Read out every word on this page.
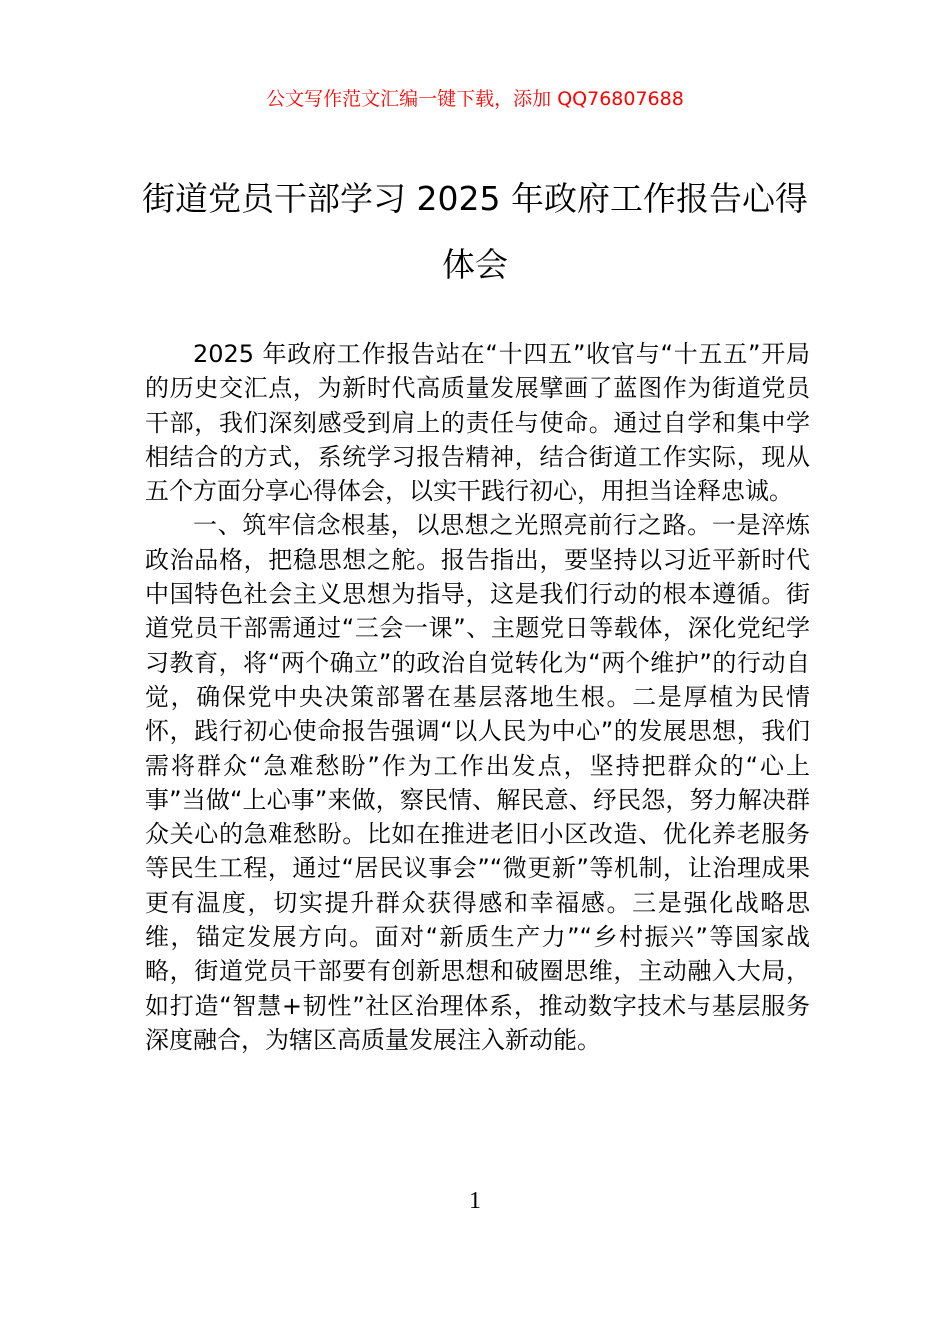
公文写作范文汇编一键下载，添加 QQ76807688
街道党员干部学习 2025 年政府工作报告心得体会

2025 年政府工作报告站在“十四五”收官与“十五五”开局的历史交汇点，为新时代高质量发展擘画了蓝图作为街道党员干部，我们深刻感受到肩上的责任与使命。通过自学和集中学相结合的方式，系统学习报告精神，结合街道工作实际，现从五个方面分享心得体会，以实干践行初心，用担当诠释忠诚。

一、筑牢信念根基，以思想之光照亮前行之路。一是淬炼政治品格，把稳思想之舵。报告指出，要坚持以习近平新时代中国特色社会主义思想为指导，这是我们行动的根本遵循。街道党员干部需通过“三会一课”、主题党日等载体，深化党纪学习教育，将“两个确立”的政治自觉转化为“两个维护”的行动自觉，确保党中央决策部署在基层落地生根。二是厚植为民情怀，践行初心使命报告强调“以人民为中心”的发展思想，我们需将群众“急难愁盼”作为工作出发点，坚持把群众的“心上事”当做“上心事”来做，察民情、解民意、纾民怨，努力解决群众关心的急难愁盼。比如在推进老旧小区改造、优化养老服务等民生工程，通过“居民议事会”“微更新”等机制，让治理成果更有温度，切实提升群众获得感和幸福感。三是强化战略思维，锚定发展方向。面对“新质生产力”“乡村振兴”等国家战略，街道党员干部要有创新思想和破圈思维，主动融入大局，如打造“智慧+韧性”社区治理体系，推动数字技术与基层服务深度融合，为辖区高质量发展注入新动能。

1
